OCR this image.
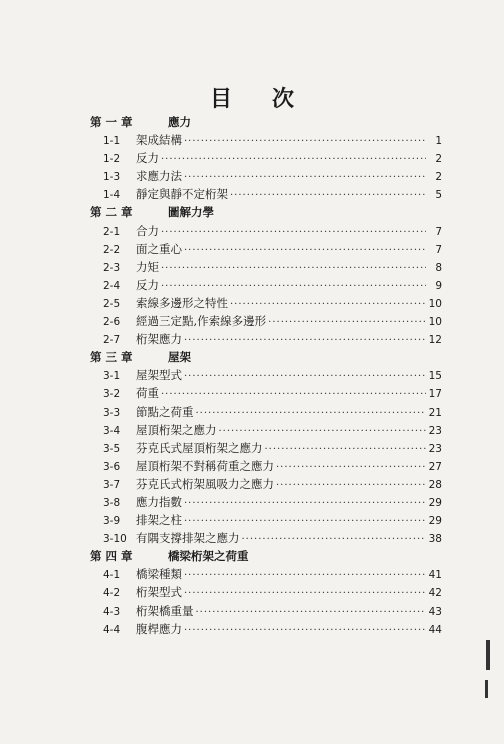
目 次
第 一 章	應力
1-1	架成結構 ·····	1
1-2	反力 ·····	2
1-3	求應力法 ·····	2
1-4	靜定與靜不定桁架 ·····	5
第 二 章	圖解力學
2-1	合力 ·····	7
2-2	面之重心 ·····	7
2-3	力矩 ·····	8
2-4	反力 ·····	9
2-5	索線多邊形之特性 ·····	10
2-6	經過三定點,作索線多邊形 ·····	10
2-7	桁架應力 ·····	12
第 三 章	屋架
3-1	屋架型式 ·····	15
3-2	荷重 ·····	17
3-3	節點之荷重 ·····	21
3-4	屋頂桁架之應力 ·····	23
3-5	芬克氏式屋頂桁架之應力 ·····	23
3-6	屋頂桁架不對稱荷重之應力 ·····	27
3-7	芬克氏式桁架風吸力之應力 ·····	28
3-8	應力指數 ·····	29
3-9	排架之柱 ·····	29
3-10 有隅支撐排架之應力 ·····	38
第 四 章	橋梁桁架之荷重
4-1	橋梁種類 ·····	41
4-2	桁架型式 ·····	42
4-3	桁架橋重量 ·····	43
4-4	腹桿應力 ·····	44
